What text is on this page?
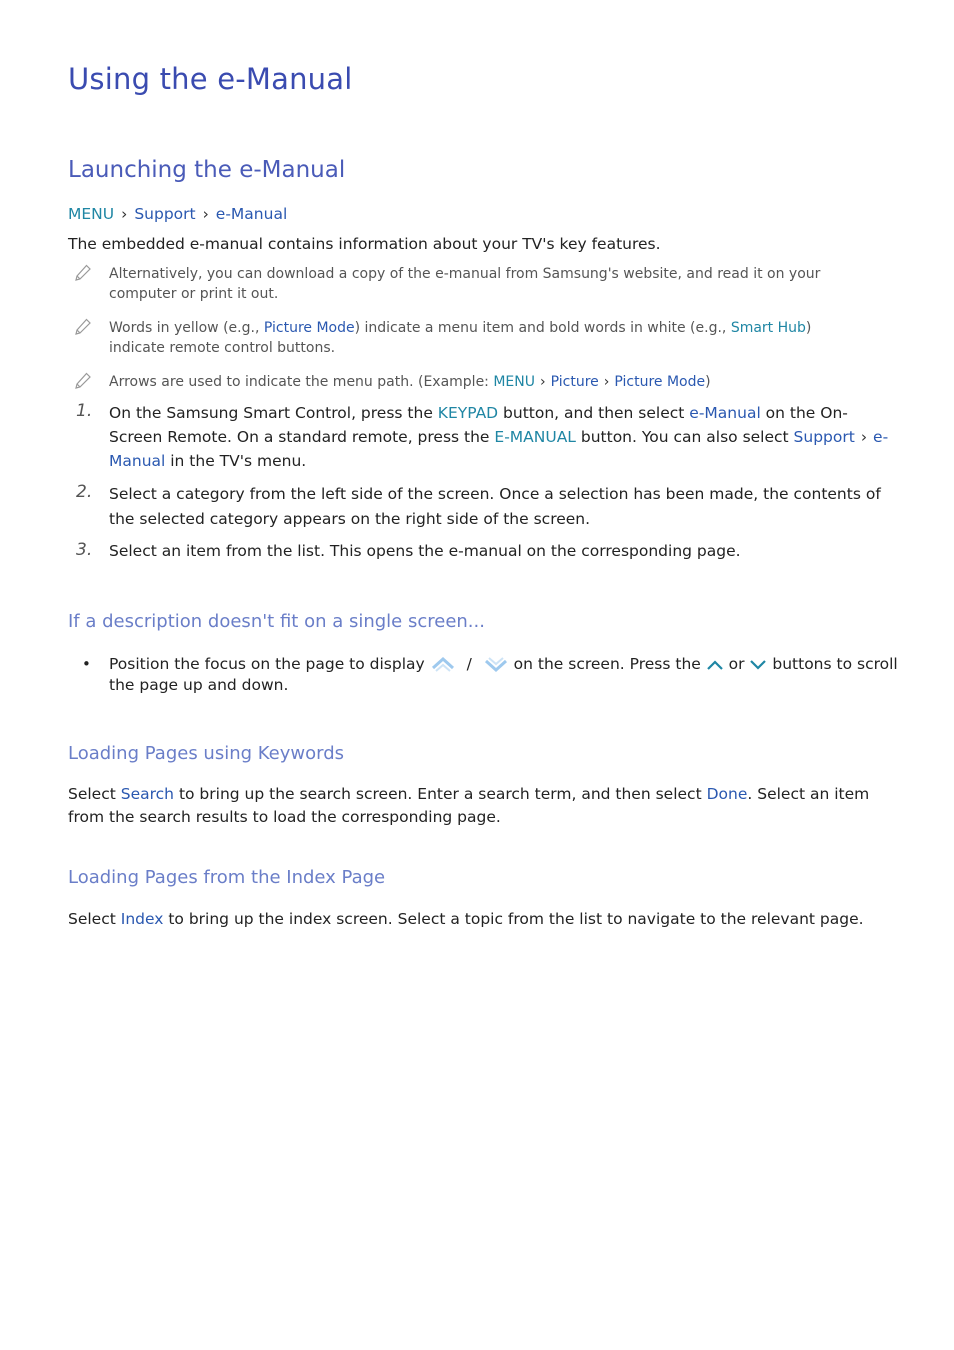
Using the e-Manual
Launching the e-Manual
MENU › Support › e-Manual
The embedded e-manual contains information about your TV's key features.
Alternatively, you can download a copy of the e-manual from Samsung's website, and read it on your computer or print it out.
Words in yellow (e.g., Picture Mode) indicate a menu item and bold words in white (e.g., Smart Hub) indicate remote control buttons.
Arrows are used to indicate the menu path. (Example: MENU › Picture › Picture Mode)
1. On the Samsung Smart Control, press the KEYPAD button, and then select e-Manual on the On-Screen Remote. On a standard remote, press the E-MANUAL button. You can also select Support › e-Manual in the TV's menu.
2. Select a category from the left side of the screen. Once a selection has been made, the contents of the selected category appears on the right side of the screen.
3. Select an item from the list. This opens the e-manual on the corresponding page.
If a description doesn't fit on a single screen...
• Position the focus on the page to display  /	on the screen. Press the  or  buttons to scroll the page up and down.
Loading Pages using Keywords
Select Search to bring up the search screen. Enter a search term, and then select Done. Select an item from the search results to load the corresponding page.
Loading Pages from the Index Page
Select Index to bring up the index screen. Select a topic from the list to navigate to the relevant page.
